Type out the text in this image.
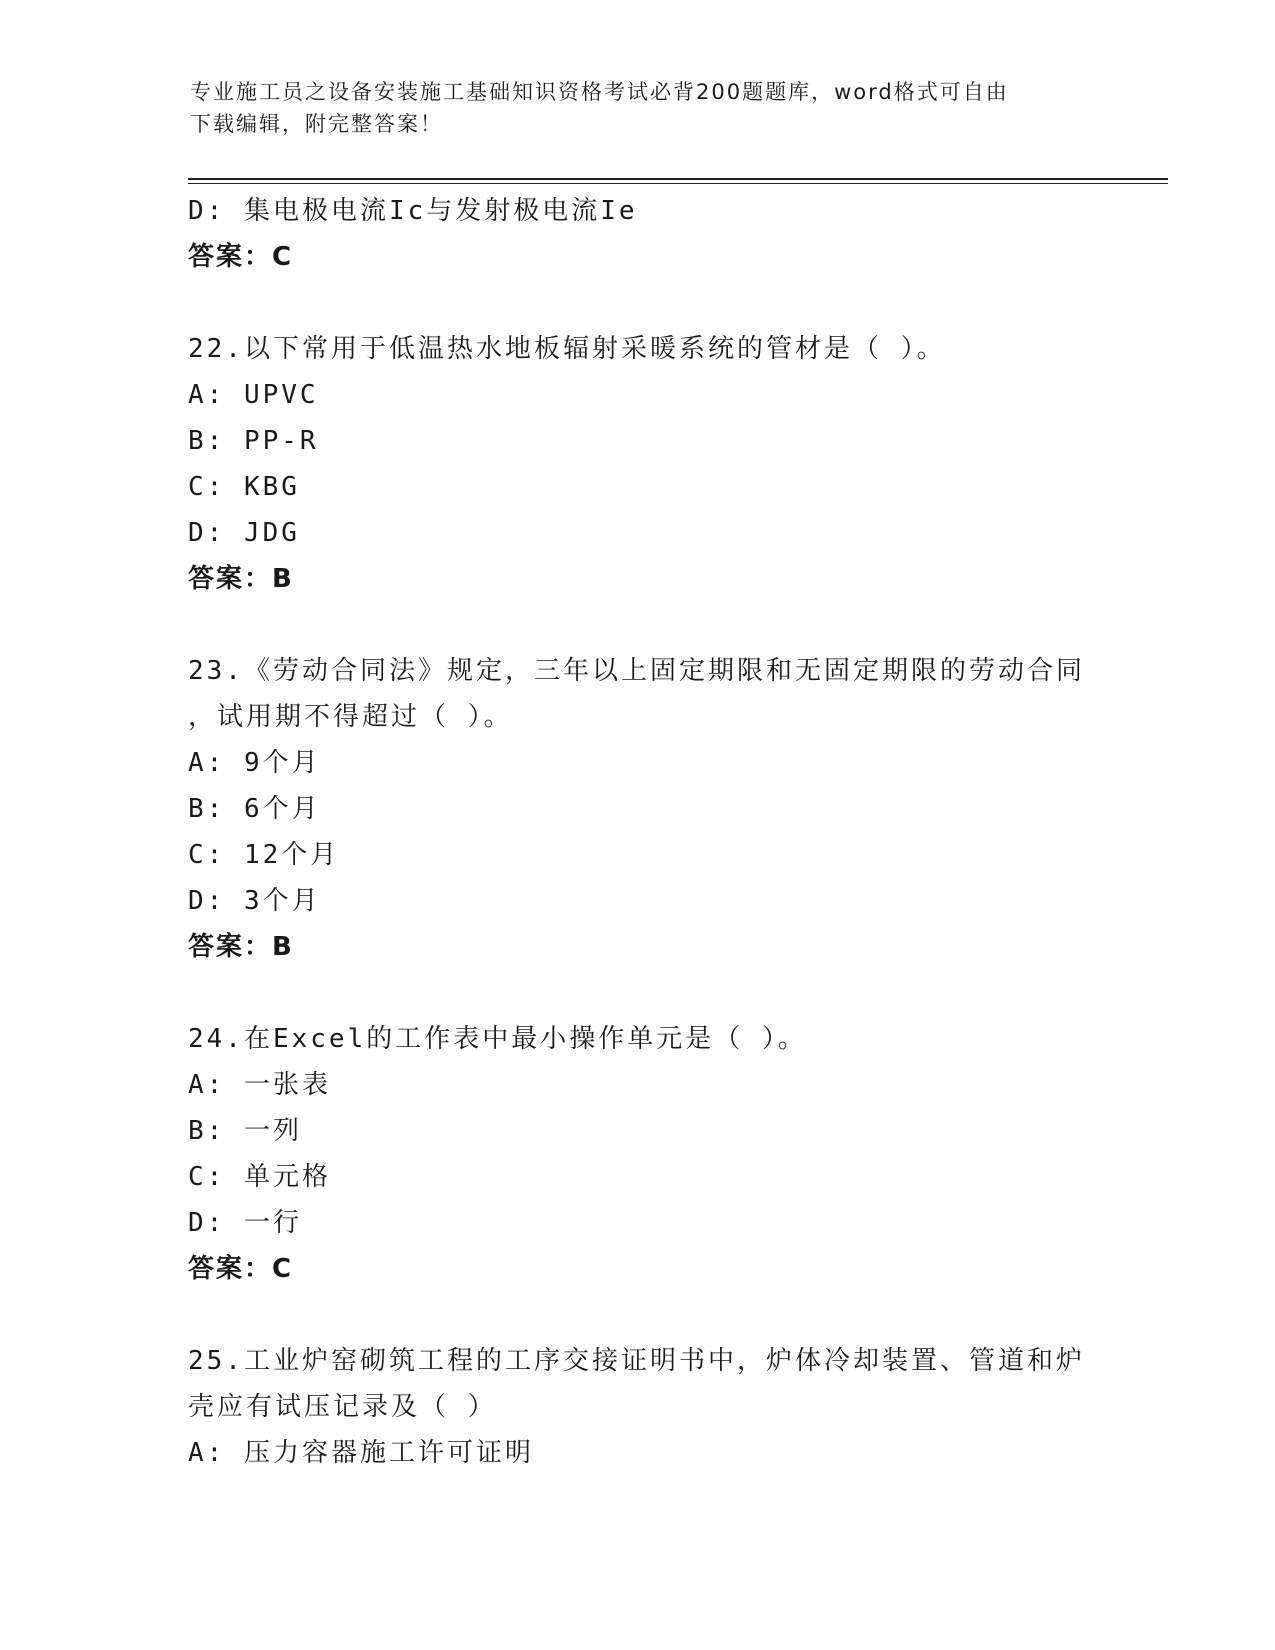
专业施工员之设备安装施工基础知识资格考试必背200题题库，word格式可自由
下载编辑，附完整答案！
D: 集电极电流Ic与发射极电流Ie
答案：C
22.以下常用于低温热水地板辐射采暖系统的管材是（ ）。
A: UPVC
B: PP-R
C: KBG
D: JDG
答案：B
23.《劳动合同法》规定，三年以上固定期限和无固定期限的劳动合同
，试用期不得超过（ ）。
A: 9个月
B: 6个月
C: 12个月
D: 3个月
答案：B
24.在Excel的工作表中最小操作单元是（ ）。
A: 一张表
B: 一列
C: 单元格
D: 一行
答案：C
25.工业炉窑砌筑工程的工序交接证明书中，炉体冷却装置、管道和炉
壳应有试压记录及（ ）
A: 压力容器施工许可证明
